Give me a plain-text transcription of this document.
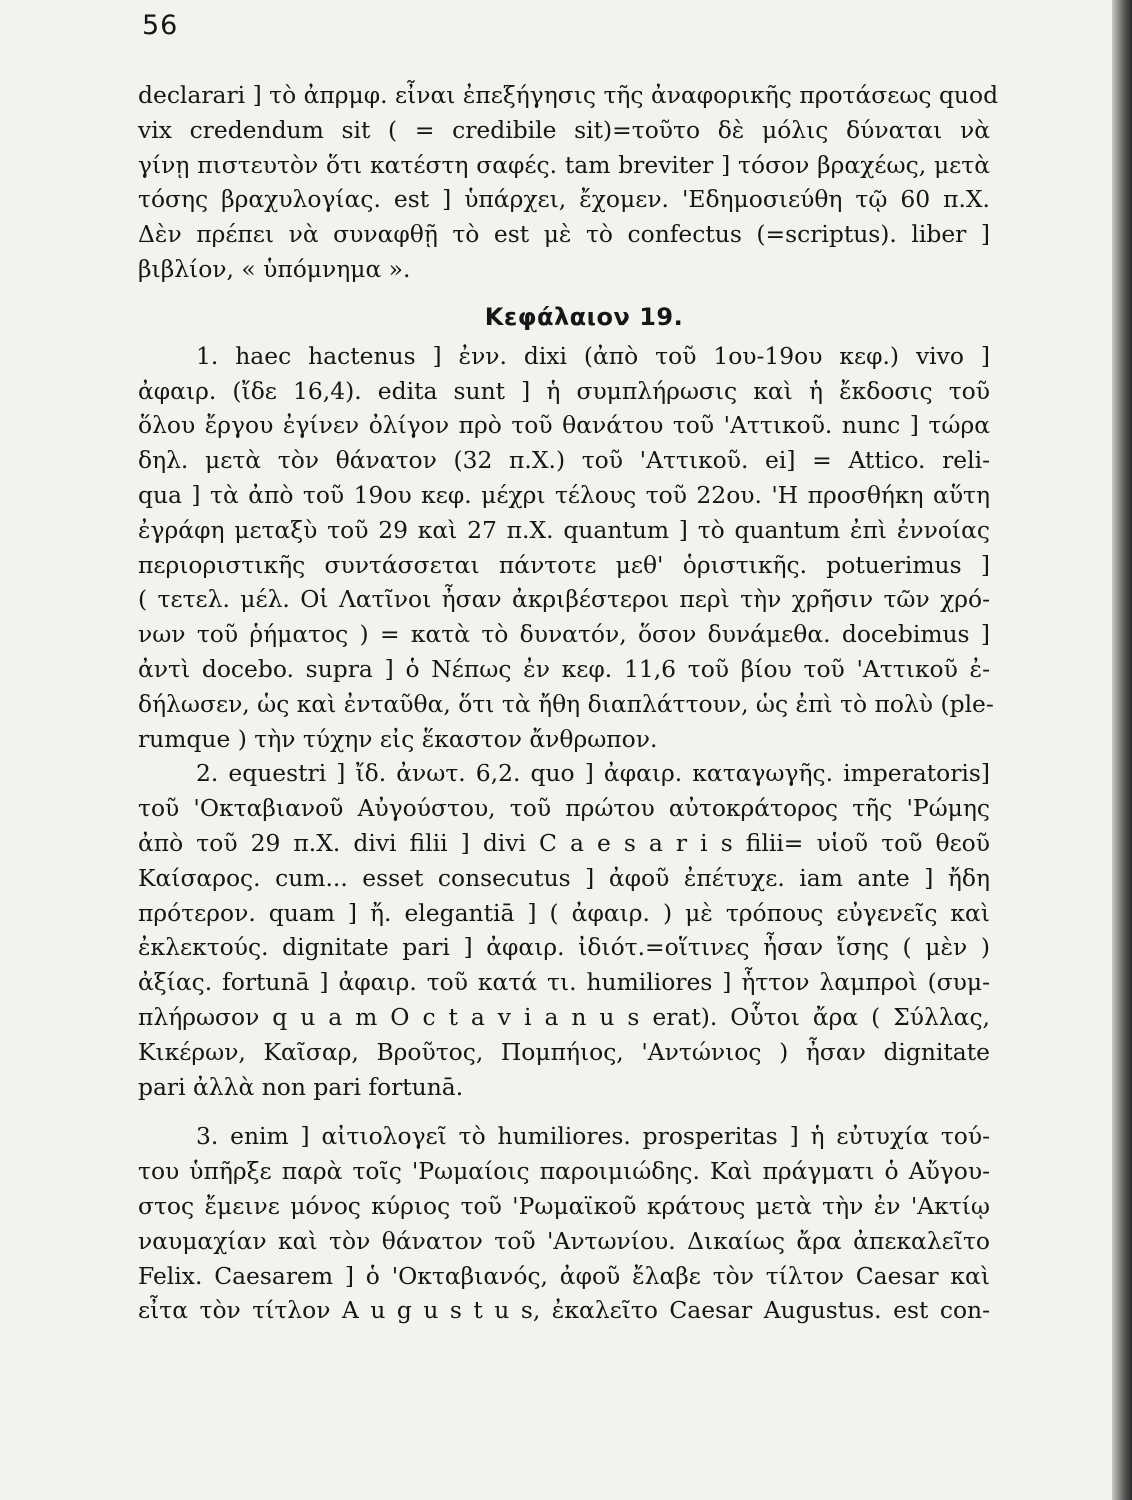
56
declarari ] τὸ ἀπρμφ. εἶναι ἐπεξήγησις τῆς ἀναφορικῆς προτάσεως quod
vix credendum sit ( = credibile sit)=τοῦτο δὲ μόλις δύναται νὰ
γίνῃ πιστευτὸν ὅτι κατέστη σαφές. tam breviter ] τόσον βραχέως, μετὰ
τόσης βραχυλογίας. est ] ὑπάρχει, ἔχομεν. 'Εδημοσιεύθη τῷ 60 π.Χ.
Δὲν πρέπει νὰ συναφθῇ τὸ est μὲ τὸ confectus (=scriptus). liber ]
βιβλίον, « ὑπόμνημα ».
Κεφάλαιον 19.
1. haec hactenus ] ἐνν. dixi (ἀπὸ τοῦ 1ου-19ου κεφ.) vivo ]
ἀφαιρ. (ἴδε 16,4). edita sunt ] ἡ συμπλήρωσις καὶ ἡ ἔκδοσις τοῦ
ὅλου ἔργου ἐγίνεν ὀλίγον πρὸ τοῦ θανάτου τοῦ 'Αττικοῦ. nunc ] τώρα
δηλ. μετὰ τὸν θάνατον (32 π.Χ.) τοῦ 'Αττικοῦ. ei] = Attico. reli-
qua ] τὰ ἀπὸ τοῦ 19ου κεφ. μέχρι τέλους τοῦ 22ου. 'Η προσθήκη αὕτη
ἐγράφη μεταξὺ τοῦ 29 καὶ 27 π.Χ. quantum ] τὸ quantum ἐπὶ ἐννοίας
περιοριστικῆς συντάσσεται πάντοτε μεθ' ὁριστικῆς. potuerimus ]
( τετελ. μέλ. Οἱ Λατῖνοι ἦσαν ἀκριβέστεροι περὶ τὴν χρῆσιν τῶν χρό-
νων τοῦ ῥήματος ) = κατὰ τὸ δυνατόν, ὅσον δυνάμεθα. docebimus ]
ἀντὶ docebo. supra ] ὁ Νέπως ἐν κεφ. 11,6 τοῦ βίου τοῦ 'Αττικοῦ ἐ-
δήλωσεν, ὡς καὶ ἐνταῦθα, ὅτι τὰ ἤθη διαπλάττουν, ὡς ἐπὶ τὸ πολὺ (ple-
rumque ) τὴν τύχην εἰς ἕκαστον ἄνθρωπον.
2. equestri ] ἴδ. ἀνωτ. 6,2. quo ] ἀφαιρ. καταγωγῆς. imperatoris]
τοῦ 'Οκταβιανοῦ Αὐγούστου, τοῦ πρώτου αὐτοκράτορος τῆς 'Ρώμης
ἀπὸ τοῦ 29 π.Χ. divi filii ] divi C a e s a r i s filii= υἱοῦ τοῦ θεοῦ
Καίσαρος. cum... esset consecutus ] ἀφοῦ ἐπέτυχε. iam ante ] ἤδη
πρότερον. quam ] ἤ. elegantiā ] ( ἀφαιρ. ) μὲ τρόπους εὐγενεῖς καὶ
ἐκλεκτούς. dignitate pari ] ἀφαιρ. ἰδιότ.=οἵτινες ἦσαν ἴσης ( μὲν )
ἀξίας. fortunā ] ἀφαιρ. τοῦ κατά τι. humiliores ] ἧττον λαμπροὶ (συμ-
πλήρωσον q u a m O c t a v i a n u s erat). Οὗτοι ἄρα ( Σύλλας,
Κικέρων, Καῖσαρ, Βροῦτος, Πομπήιος, 'Αντώνιος ) ἦσαν dignitate
pari ἀλλὰ non pari fortunā.
3. enim ] αἰτιολογεῖ τὸ humiliores. prosperitas ] ἡ εὐτυχία τού-
του ὑπῆρξε παρὰ τοῖς 'Ρωμαίοις παροιμιώδης. Καὶ πράγματι ὁ Αὔγου-
στος ἔμεινε μόνος κύριος τοῦ 'Ρωμαϊκοῦ κράτους μετὰ τὴν ἐν 'Ακτίῳ
ναυμαχίαν καὶ τὸν θάνατον τοῦ 'Αντωνίου. Δικαίως ἄρα ἀπεκαλεῖτο
Felix. Caesarem ] ὁ 'Οκταβιανός, ἀφοῦ ἔλαβε τὸν τίλτον Caesar καὶ
εἶτα τὸν τίτλον A u g u s t u s, ἐκαλεῖτο Caesar Augustus. est con-
